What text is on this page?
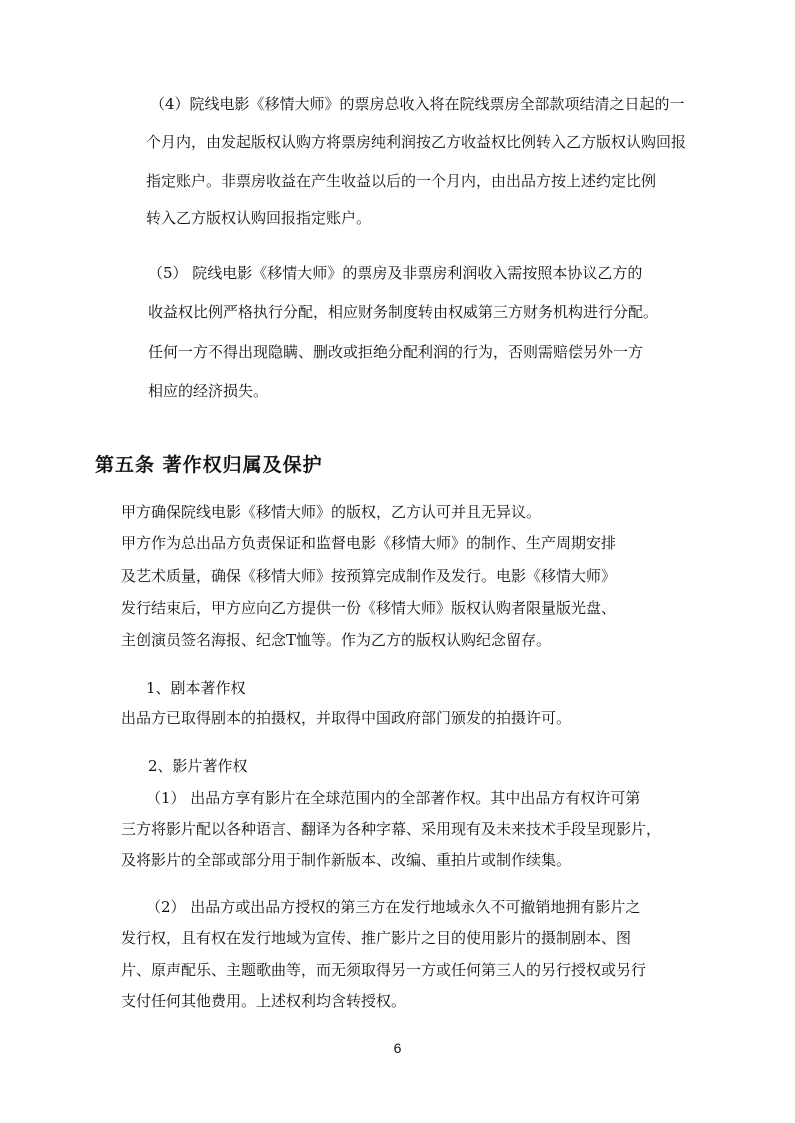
（4）院线电影《移情大师》的票房总收入将在院线票房全部款项结清之日起的一
个月内，由发起版权认购方将票房纯利润按乙方收益权比例转入乙方版权认购回报
指定账户。非票房收益在产生收益以后的一个月内，由出品方按上述约定比例
转入乙方版权认购回报指定账户。
（5） 院线电影《移情大师》的票房及非票房利润收入需按照本协议乙方的
收益权比例严格执行分配，相应财务制度转由权威第三方财务机构进行分配。
任何一方不得出现隐瞒、删改或拒绝分配利润的行为，否则需赔偿另外一方
相应的经济损失。
第五条 著作权归属及保护
甲方确保院线电影《移情大师》的版权，乙方认可并且无异议。
甲方作为总出品方负责保证和监督电影《移情大师》的制作、生产周期安排
及艺术质量，确保《移情大师》按预算完成制作及发行。电影《移情大师》
发行结束后，甲方应向乙方提供一份《移情大师》版权认购者限量版光盘、
主创演员签名海报、纪念T恤等。作为乙方的版权认购纪念留存。
1、剧本著作权
出品方已取得剧本的拍摄权，并取得中国政府部门颁发的拍摄许可。
2、影片著作权
（1） 出品方享有影片在全球范围内的全部著作权。其中出品方有权许可第
三方将影片配以各种语言、翻译为各种字幕、采用现有及未来技术手段呈现影片，
及将影片的全部或部分用于制作新版本、改编、重拍片或制作续集。
（2） 出品方或出品方授权的第三方在发行地域永久不可撤销地拥有影片之
发行权，且有权在发行地域为宣传、推广影片之目的使用影片的摄制剧本、图
片、原声配乐、主题歌曲等，而无须取得另一方或任何第三人的另行授权或另行
支付任何其他费用。上述权利均含转授权。
6
